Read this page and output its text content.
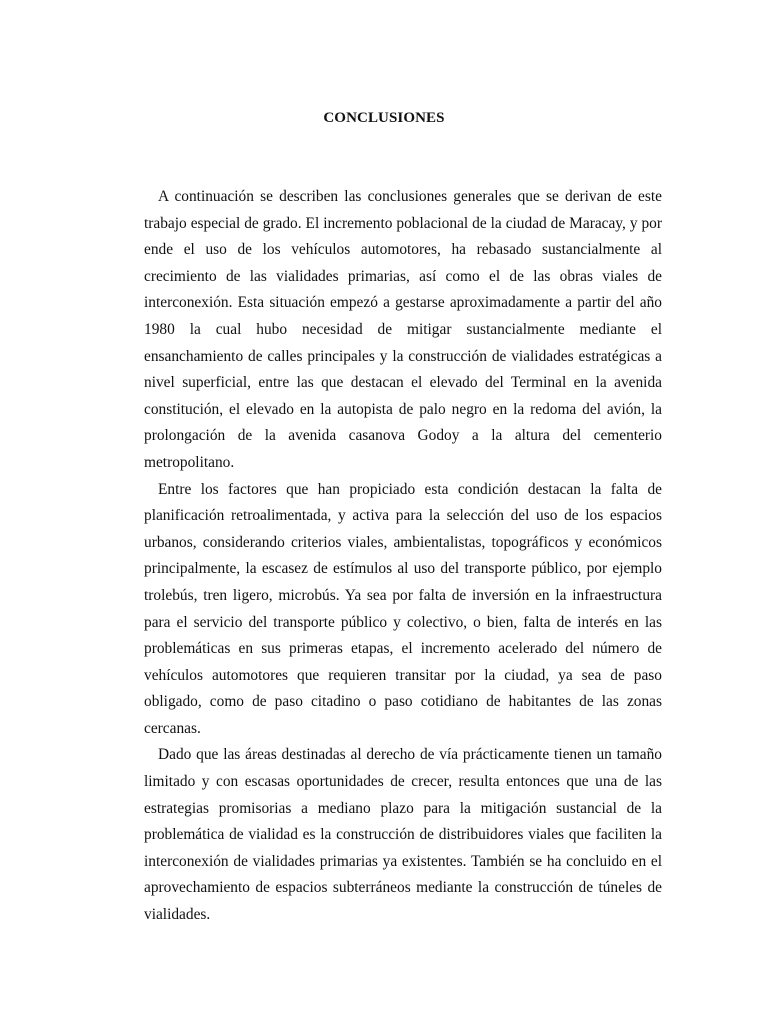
CONCLUSIONES

A continuación se describen las conclusiones generales que se derivan de este trabajo especial de grado. El incremento poblacional de la ciudad de Maracay, y por ende el uso de los vehículos automotores, ha rebasado sustancialmente al crecimiento de las vialidades primarias, así como el de las obras viales de interconexión. Esta situación empezó a gestarse aproximadamente a partir del año 1980 la cual hubo necesidad de mitigar sustancialmente mediante el ensanchamiento de calles principales y la construcción de vialidades estratégicas a nivel superficial, entre las que destacan el elevado del Terminal en la avenida constitución, el elevado en la autopista de palo negro en la redoma del avión, la prolongación de la avenida casanova Godoy a la altura del cementerio metropolitano.

Entre los factores que han propiciado esta condición destacan la falta de planificación retroalimentada, y activa para la selección del uso de los espacios urbanos, considerando criterios viales, ambientalistas, topográficos y económicos principalmente, la escasez de estímulos al uso del transporte público, por ejemplo trolebús, tren ligero, microbús. Ya sea por falta de inversión en la infraestructura para el servicio del transporte público y colectivo, o bien, falta de interés en las problemáticas en sus primeras etapas, el incremento acelerado del número de vehículos automotores que requieren transitar por la ciudad, ya sea de paso obligado, como de paso citadino o paso cotidiano de habitantes de las zonas cercanas.

Dado que las áreas destinadas al derecho de vía prácticamente tienen un tamaño limitado y con escasas oportunidades de crecer, resulta entonces que una de las estrategias promisorias a mediano plazo para la mitigación sustancial de la problemática de vialidad es la construcción de distribuidores viales que faciliten la interconexión de vialidades primarias ya existentes. También se ha concluido en el aprovechamiento de espacios subterráneos mediante la construcción de túneles de vialidades.
